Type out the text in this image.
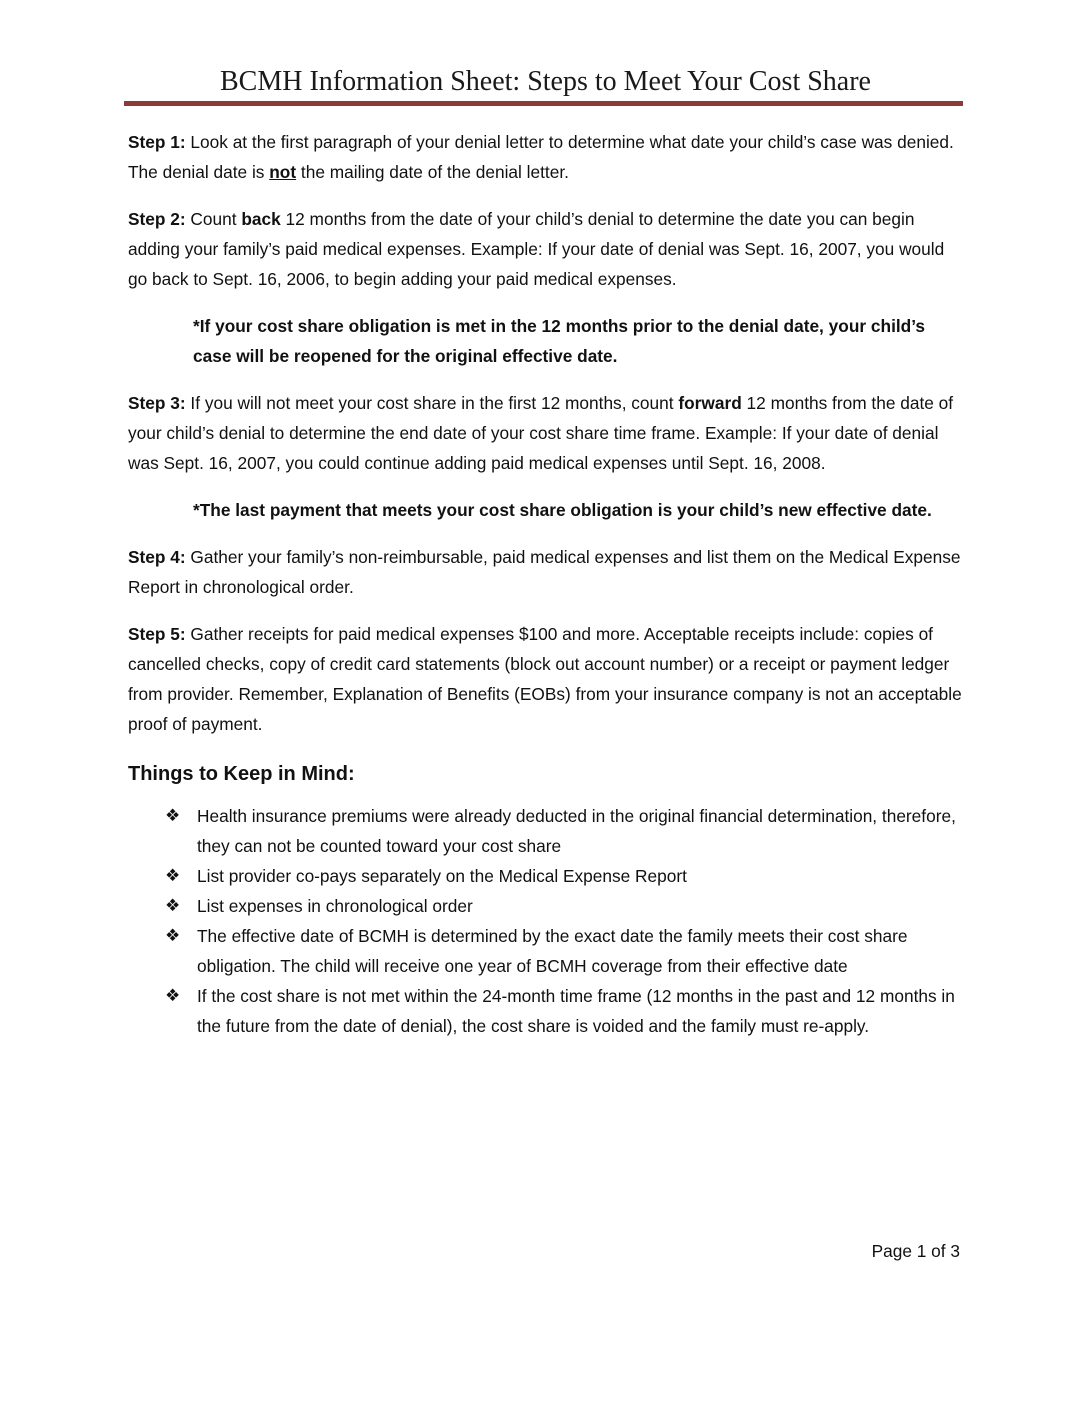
BCMH Information Sheet: Steps to Meet Your Cost Share

Step 1: Look at the first paragraph of your denial letter to determine what date your child’s case was denied. The denial date is not the mailing date of the denial letter.

Step 2: Count back 12 months from the date of your child’s denial to determine the date you can begin adding your family’s paid medical expenses. Example: If your date of denial was Sept. 16, 2007, you would go back to Sept. 16, 2006, to begin adding your paid medical expenses.

*If your cost share obligation is met in the 12 months prior to the denial date, your child’s case will be reopened for the original effective date.

Step 3: If you will not meet your cost share in the first 12 months, count forward 12 months from the date of your child’s denial to determine the end date of your cost share time frame. Example: If your date of denial was Sept. 16, 2007, you could continue adding paid medical expenses until Sept. 16, 2008.

*The last payment that meets your cost share obligation is your child’s new effective date.

Step 4: Gather your family’s non-reimbursable, paid medical expenses and list them on the Medical Expense Report in chronological order.

Step 5: Gather receipts for paid medical expenses $100 and more. Acceptable receipts include: copies of cancelled checks, copy of credit card statements (block out account number) or a receipt or payment ledger from provider. Remember, Explanation of Benefits (EOBs) from your insurance company is not an acceptable proof of payment.

Things to Keep in Mind:
❖ Health insurance premiums were already deducted in the original financial determination, therefore, they can not be counted toward your cost share
❖ List provider co-pays separately on the Medical Expense Report
❖ List expenses in chronological order
❖ The effective date of BCMH is determined by the exact date the family meets their cost share obligation. The child will receive one year of BCMH coverage from their effective date
❖ If the cost share is not met within the 24-month time frame (12 months in the past and 12 months in the future from the date of denial), the cost share is voided and the family must re-apply.
Page 1 of 3
